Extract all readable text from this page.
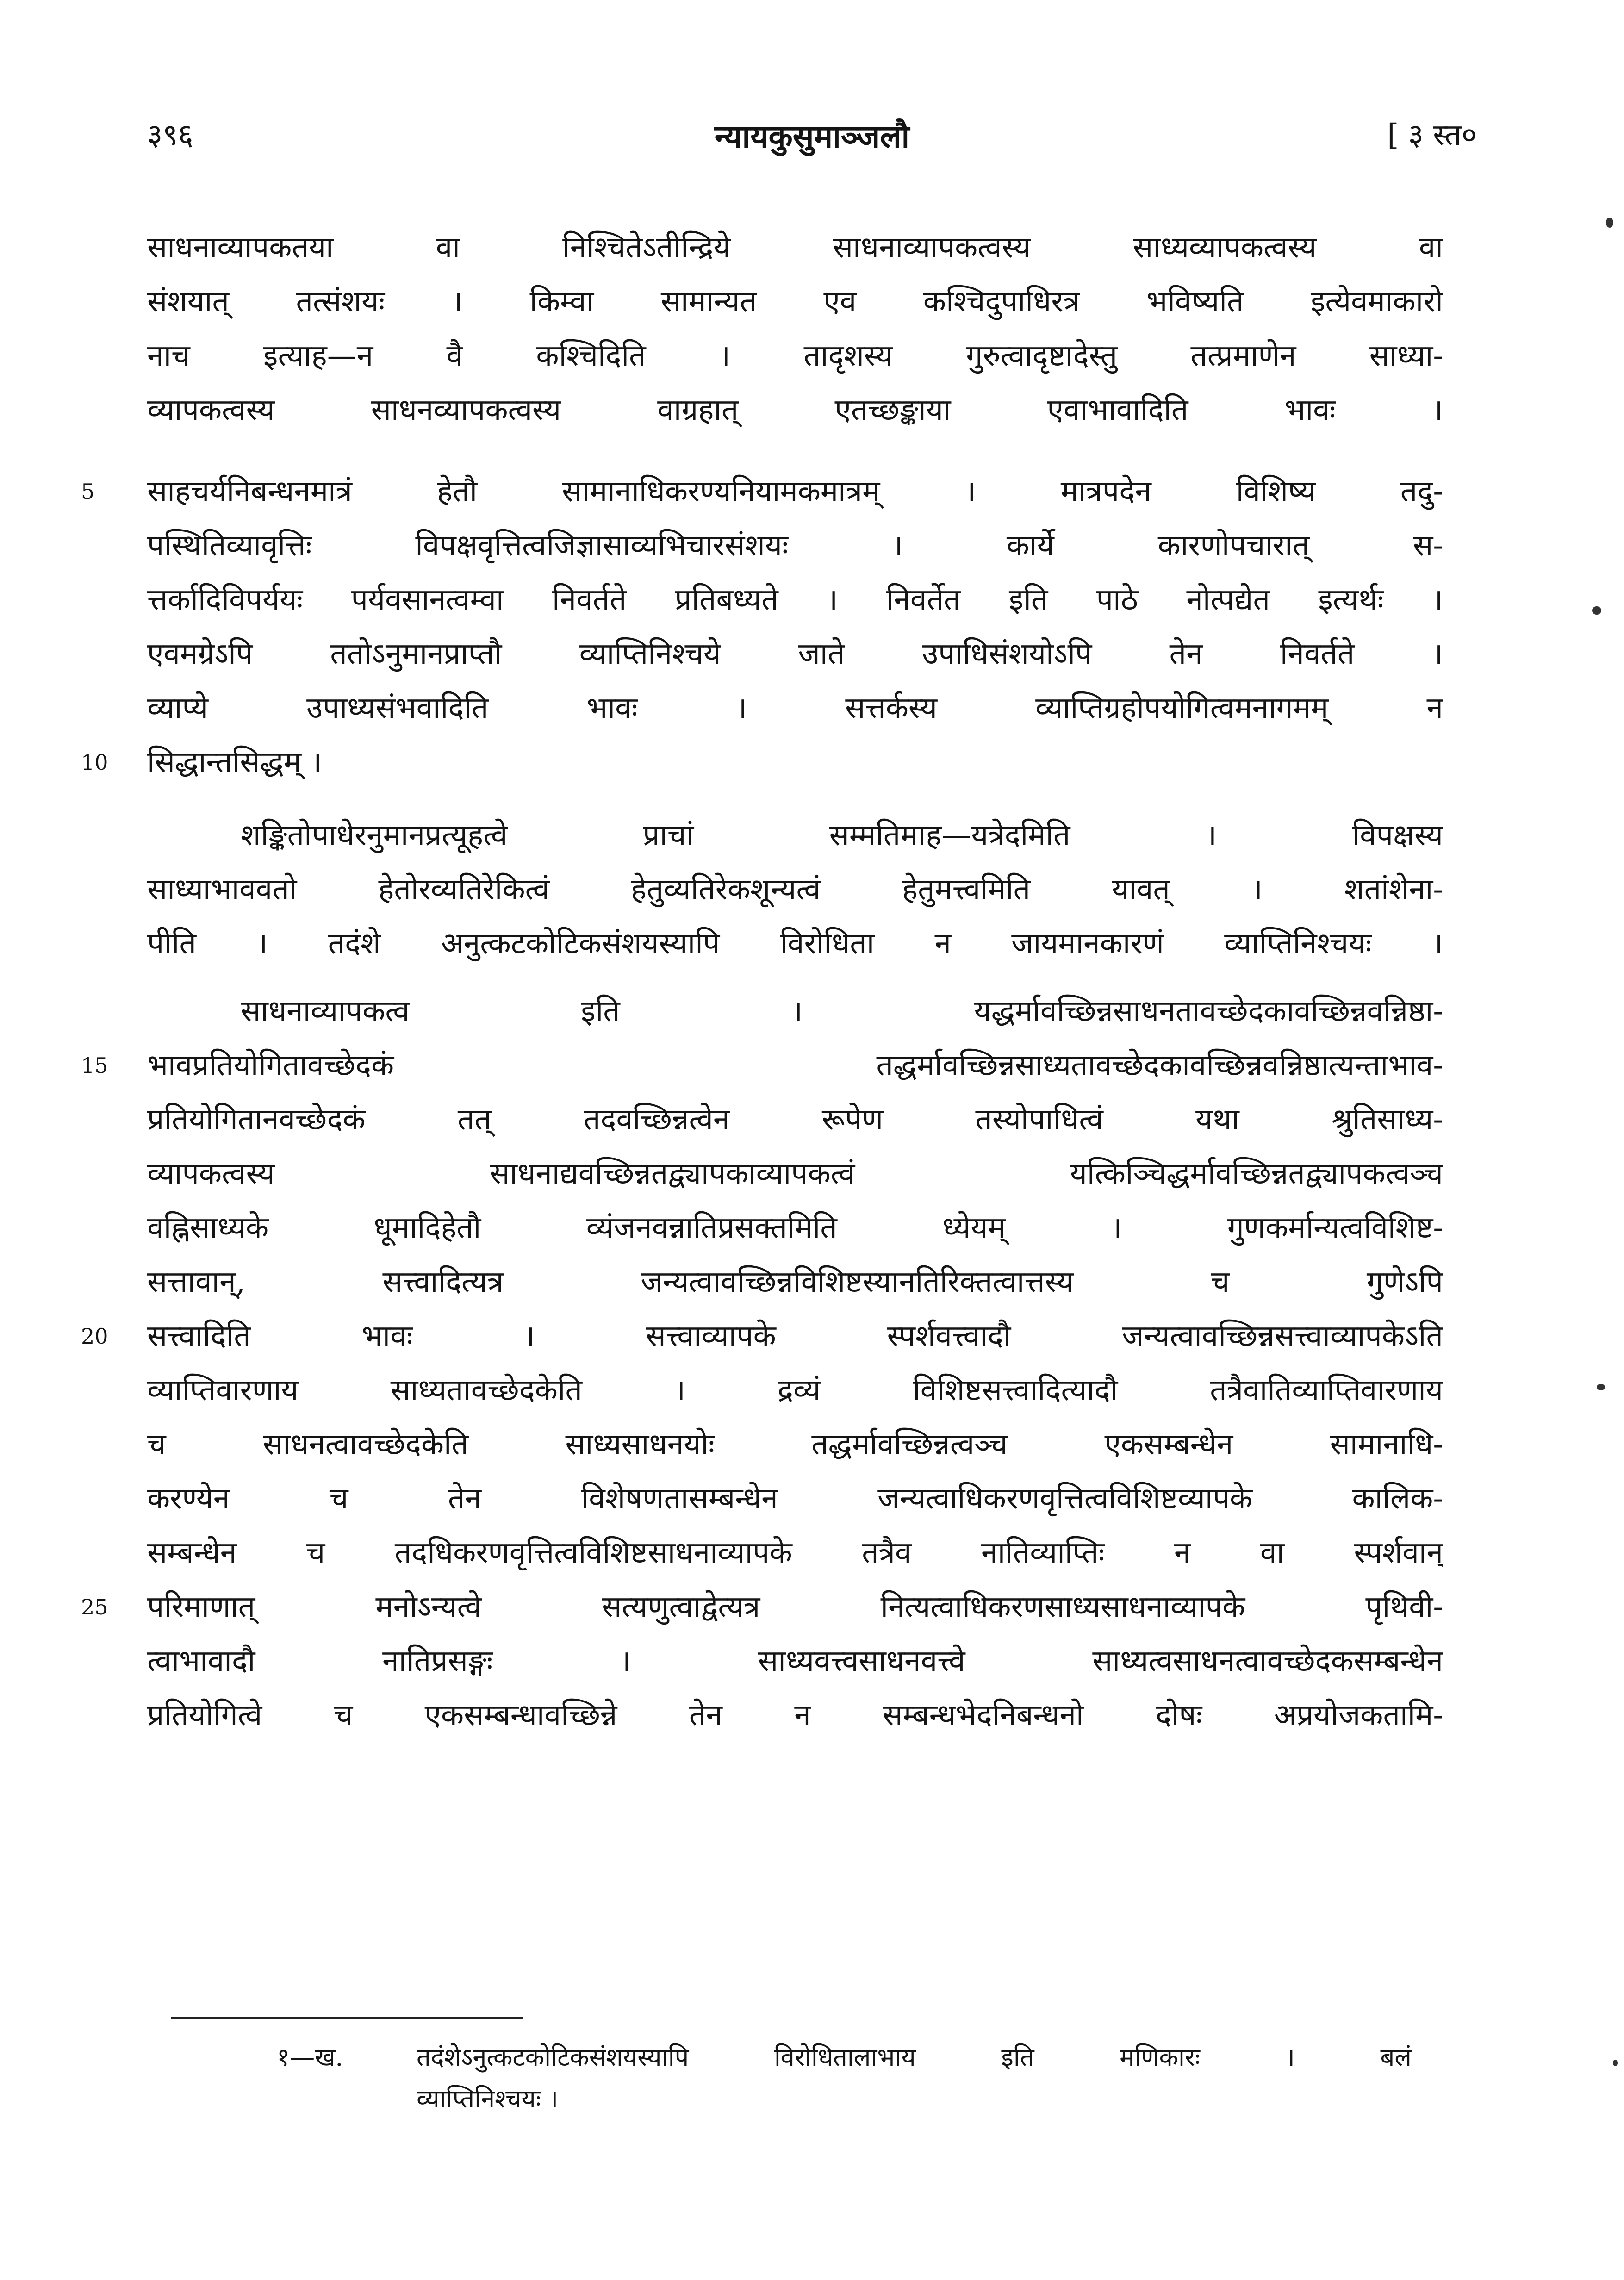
३९६	न्यायकुसुमाञ्जलौ	[ ३ स्त०
साधनाव्यापकतया वा निश्चितेऽतीन्द्रिये साधनाव्यापकत्वस्य साध्यव्यापकत्वस्य वा
संशयात् तत्संशयः । किम्वा सामान्यत एव कश्चिदुपाधिरत्र भविष्यति इत्येवमाकारो
नाच इत्याह—न वै कश्चिदिति । तादृशस्य गुरुत्वादृष्टादेस्तु तत्प्रमाणेन साध्या-
व्यापकत्वस्य साधनव्यापकत्वस्य वाग्रहात् एतच्छङ्काया एवाभावादिति भावः ।
5	साहचर्यनिबन्धनमात्रं हेतौ सामानाधिकरण्यनियामकमात्रम् । मात्रपदेन विशिष्य तदु-
पस्थितिव्यावृत्तिः विपक्षवृत्तित्वजिज्ञासाव्यभिचारसंशयः । कार्ये कारणोपचारात् स-
त्तर्कादिविपर्ययः पर्यवसानत्वम्वा निवर्तते प्रतिबध्यते । निवर्तेत इति पाठे नोत्पद्येत इत्यर्थः ।
एवमग्रेऽपि ततोऽनुमानप्राप्तौ व्याप्तिनिश्चये जाते उपाधिसंशयोऽपि तेन निवर्तते ।
व्याप्ये उपाध्यसंभवादिति भावः । सत्तर्कस्य व्याप्तिग्रहोपयोगित्वमनागमम् न
10	सिद्धान्तसिद्धम् ।
शङ्कितोपाधेरनुमानप्रत्यूहत्वे प्राचां सम्मतिमाह—यत्रेदमिति । विपक्षस्य
साध्याभाववतो हेतोरव्यतिरेकित्वं हेतुव्यतिरेकशून्यत्वं हेतुमत्त्वमिति यावत् । शतांशेना-
पीति । तदंशे अनुत्कटकोटिकसंशयस्यापि विरोधिता न जायमानकारणं व्याप्तिनिश्चयः ।
साधनाव्यापकत्व इति । यद्धर्मावच्छिन्नसाधनतावच्छेदकावच्छिन्नवन्निष्ठा-
15	भावप्रतियोगितावच्छेदकं तद्धर्मावच्छिन्नसाध्यतावच्छेदकावच्छिन्नवन्निष्ठात्यन्ताभाव-
प्रतियोगितानवच्छेदकं तत् तदवच्छिन्नत्वेन रूपेण तस्योपाधित्वं यथा श्रुतिसाध्य-
व्यापकत्वस्य साधनाद्यवच्छिन्नतद्व्यापकाव्यापकत्वं यत्किञ्चिद्धर्मावच्छिन्नतद्व्यापकत्वञ्च
वह्निसाध्यके धूमादिहेतौ व्यंजनवन्नातिप्रसक्तमिति ध्येयम् । गुणकर्मान्यत्वविशिष्ट-
सत्तावान्, सत्त्वादित्यत्र जन्यत्वावच्छिन्नविशिष्टस्यानतिरिक्तत्वात्तस्य च गुणेऽपि
20	सत्त्वादिति भावः । सत्त्वाव्यापके स्पर्शवत्त्वादौ जन्यत्वावच्छिन्नसत्त्वाव्यापकेऽति
व्याप्तिवारणाय साध्यतावच्छेदकेति । द्रव्यं विशिष्टसत्त्वादित्यादौ तत्रैवातिव्याप्तिवारणाय
च साधनत्वावच्छेदकेति साध्यसाधनयोः तद्धर्मावच्छिन्नत्वञ्च एकसम्बन्धेन सामानाधि-
करण्येन च तेन विशेषणतासम्बन्धेन जन्यत्वाधिकरणवृत्तित्वविशिष्टव्यापके कालिक-
सम्बन्धेन च तदधिकरणवृत्तित्वविशिष्टसाधनाव्यापके तत्रैव नातिव्याप्तिः न वा स्पर्शवान्
25	परिमाणात् मनोऽन्यत्वे सत्यणुत्वाद्वेत्यत्र नित्यत्वाधिकरणसाध्यसाधनाव्यापके पृथिवी-
त्वाभावादौ नातिप्रसङ्गः । साध्यवत्त्वसाधनवत्त्वे साध्यत्वसाधनत्वावच्छेदकसम्बन्धेन
प्रतियोगित्वे च एकसम्बन्धावच्छिन्ने तेन न सम्बन्धभेदनिबन्धनो दोषः अप्रयोजकतामि-
१—ख.	तदंशेऽनुत्कटकोटिकसंशयस्यापि विरोधितालाभाय इति मणिकारः । बलं
व्याप्तिनिश्चयः ।
